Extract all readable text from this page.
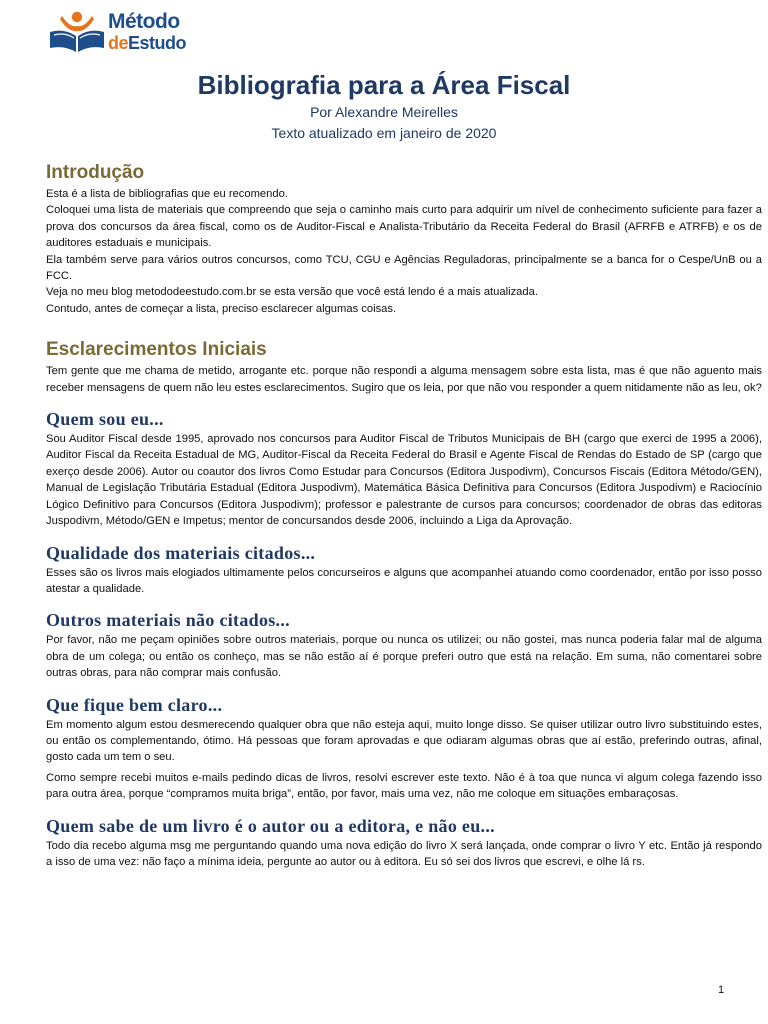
Método
deEstudo
Bibliografia para a Área Fiscal

Por Alexandre Meirelles

Texto atualizado em janeiro de 2020

Introdução

Esta é a lista de bibliografias que eu recomendo.

Coloquei uma lista de materiais que compreendo que seja o caminho mais curto para adquirir um nível de conhecimento suficiente para fazer a prova dos concursos da área fiscal, como os de Auditor-Fiscal e Analista-Tributário da Receita Federal do Brasil (AFRFB e ATRFB) e os de auditores estaduais e municipais.

Ela também serve para vários outros concursos, como TCU, CGU e Agências Reguladoras, principalmente se a banca for o Cespe/UnB ou a FCC.

Veja no meu blog metododeestudo.com.br se esta versão que você está lendo é a mais atualizada.

Contudo, antes de começar a lista, preciso esclarecer algumas coisas.

Esclarecimentos Iniciais

Tem gente que me chama de metido, arrogante etc. porque não respondi a alguma mensagem sobre esta lista, mas é que não aguento mais receber mensagens de quem não leu estes esclarecimentos. Sugiro que os leia, por que não vou responder a quem nitidamente não as leu, ok?

Quem sou eu...

Sou Auditor Fiscal desde 1995, aprovado nos concursos para Auditor Fiscal de Tributos Municipais de BH (cargo que exerci de 1995 a 2006), Auditor Fiscal da Receita Estadual de MG, Auditor-Fiscal da Receita Federal do Brasil e Agente Fiscal de Rendas do Estado de SP (cargo que exerço desde 2006). Autor ou coautor dos livros Como Estudar para Concursos (Editora Juspodivm), Concursos Fiscais (Editora Método/GEN), Manual de Legislação Tributária Estadual (Editora Juspodivm), Matemática Básica Definitiva para Concursos (Editora Juspodivm) e Raciocínio Lógico Definitivo para Concursos (Editora Juspodivm); professor e palestrante de cursos para concursos; coordenador de obras das editoras Juspodivm, Método/GEN e Impetus; mentor de concursandos desde 2006, incluindo a Liga da Aprovação.

Qualidade dos materiais citados...

Esses são os livros mais elogiados ultimamente pelos concurseiros e alguns que acompanhei atuando como coordenador, então por isso posso atestar a qualidade.

Outros materiais não citados...

Por favor, não me peçam opiniões sobre outros materiais, porque ou nunca os utilizei; ou não gostei, mas nunca poderia falar mal de alguma obra de um colega; ou então os conheço, mas se não estão aí é porque preferi outro que está na relação. Em suma, não comentarei sobre outras obras, para não comprar mais confusão.

Que fique bem claro...

Em momento algum estou desmerecendo qualquer obra que não esteja aqui, muito longe disso. Se quiser utilizar outro livro substituindo estes, ou então os complementando, ótimo. Há pessoas que foram aprovadas e que odiaram algumas obras que aí estão, preferindo outras, afinal, gosto cada um tem o seu.

Como sempre recebi muitos e-mails pedindo dicas de livros, resolvi escrever este texto. Não é à toa que nunca vi algum colega fazendo isso para outra área, porque “compramos muita briga”, então, por favor, mais uma vez, não me coloque em situações embaraçosas.

Quem sabe de um livro é o autor ou a editora, e não eu...

Todo dia recebo alguma msg me perguntando quando uma nova edição do livro X será lançada, onde comprar o livro Y etc. Então já respondo a isso de uma vez: não faço a mínima ideia, pergunte ao autor ou à editora. Eu só sei dos livros que escrevi, e olhe lá rs.

1
